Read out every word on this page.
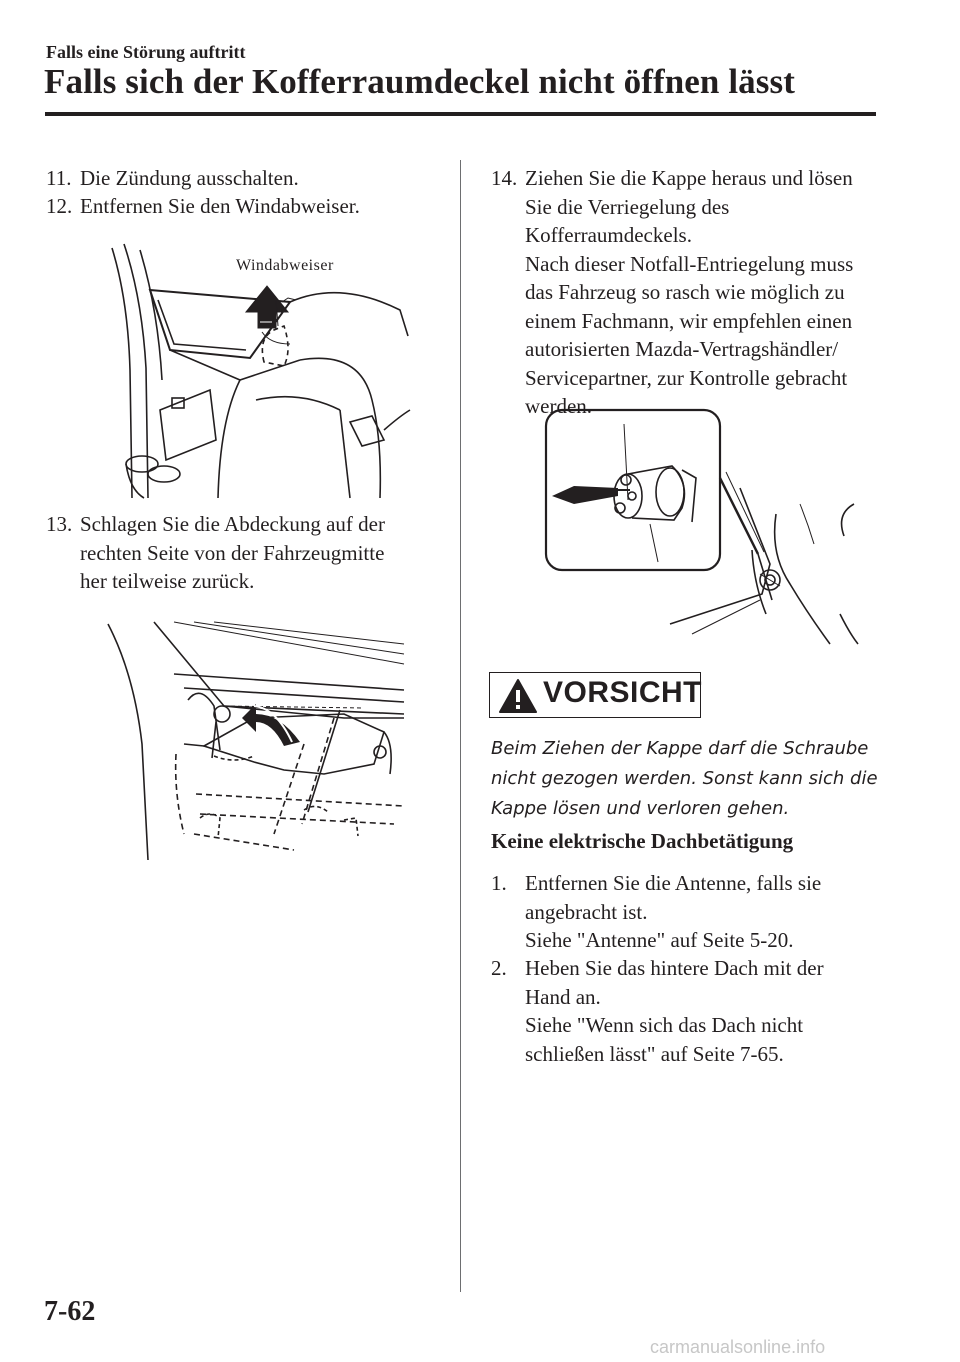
Falls eine Störung auftritt
Falls sich der Kofferraumdeckel nicht öffnen lässt
11. Die Zündung ausschalten.
12. Entfernen Sie den Windabweiser.
Windabweiser
13. Schlagen Sie die Abdeckung auf der
rechten Seite von der Fahrzeugmitte
her teilweise zurück.
14. Ziehen Sie die Kappe heraus und lösen
Sie die Verriegelung des
Kofferraumdeckels.
Nach dieser Notfall-Entriegelung muss
das Fahrzeug so rasch wie möglich zu
einem Fachmann, wir empfehlen einen
autorisierten Mazda-Vertragshändler/
Servicepartner, zur Kontrolle gebracht
werden.
VORSICHT
Beim Ziehen der Kappe darf die Schraube
nicht gezogen werden. Sonst kann sich die
Kappe lösen und verloren gehen.
Keine elektrische Dachbetätigung
1. Entfernen Sie die Antenne, falls sie
angebracht ist.
Siehe "Antenne" auf Seite 5-20.
2. Heben Sie das hintere Dach mit der
Hand an.
Siehe "Wenn sich das Dach nicht
schließen lässt" auf Seite 7-65.
7-62
carmanualsonline.info
